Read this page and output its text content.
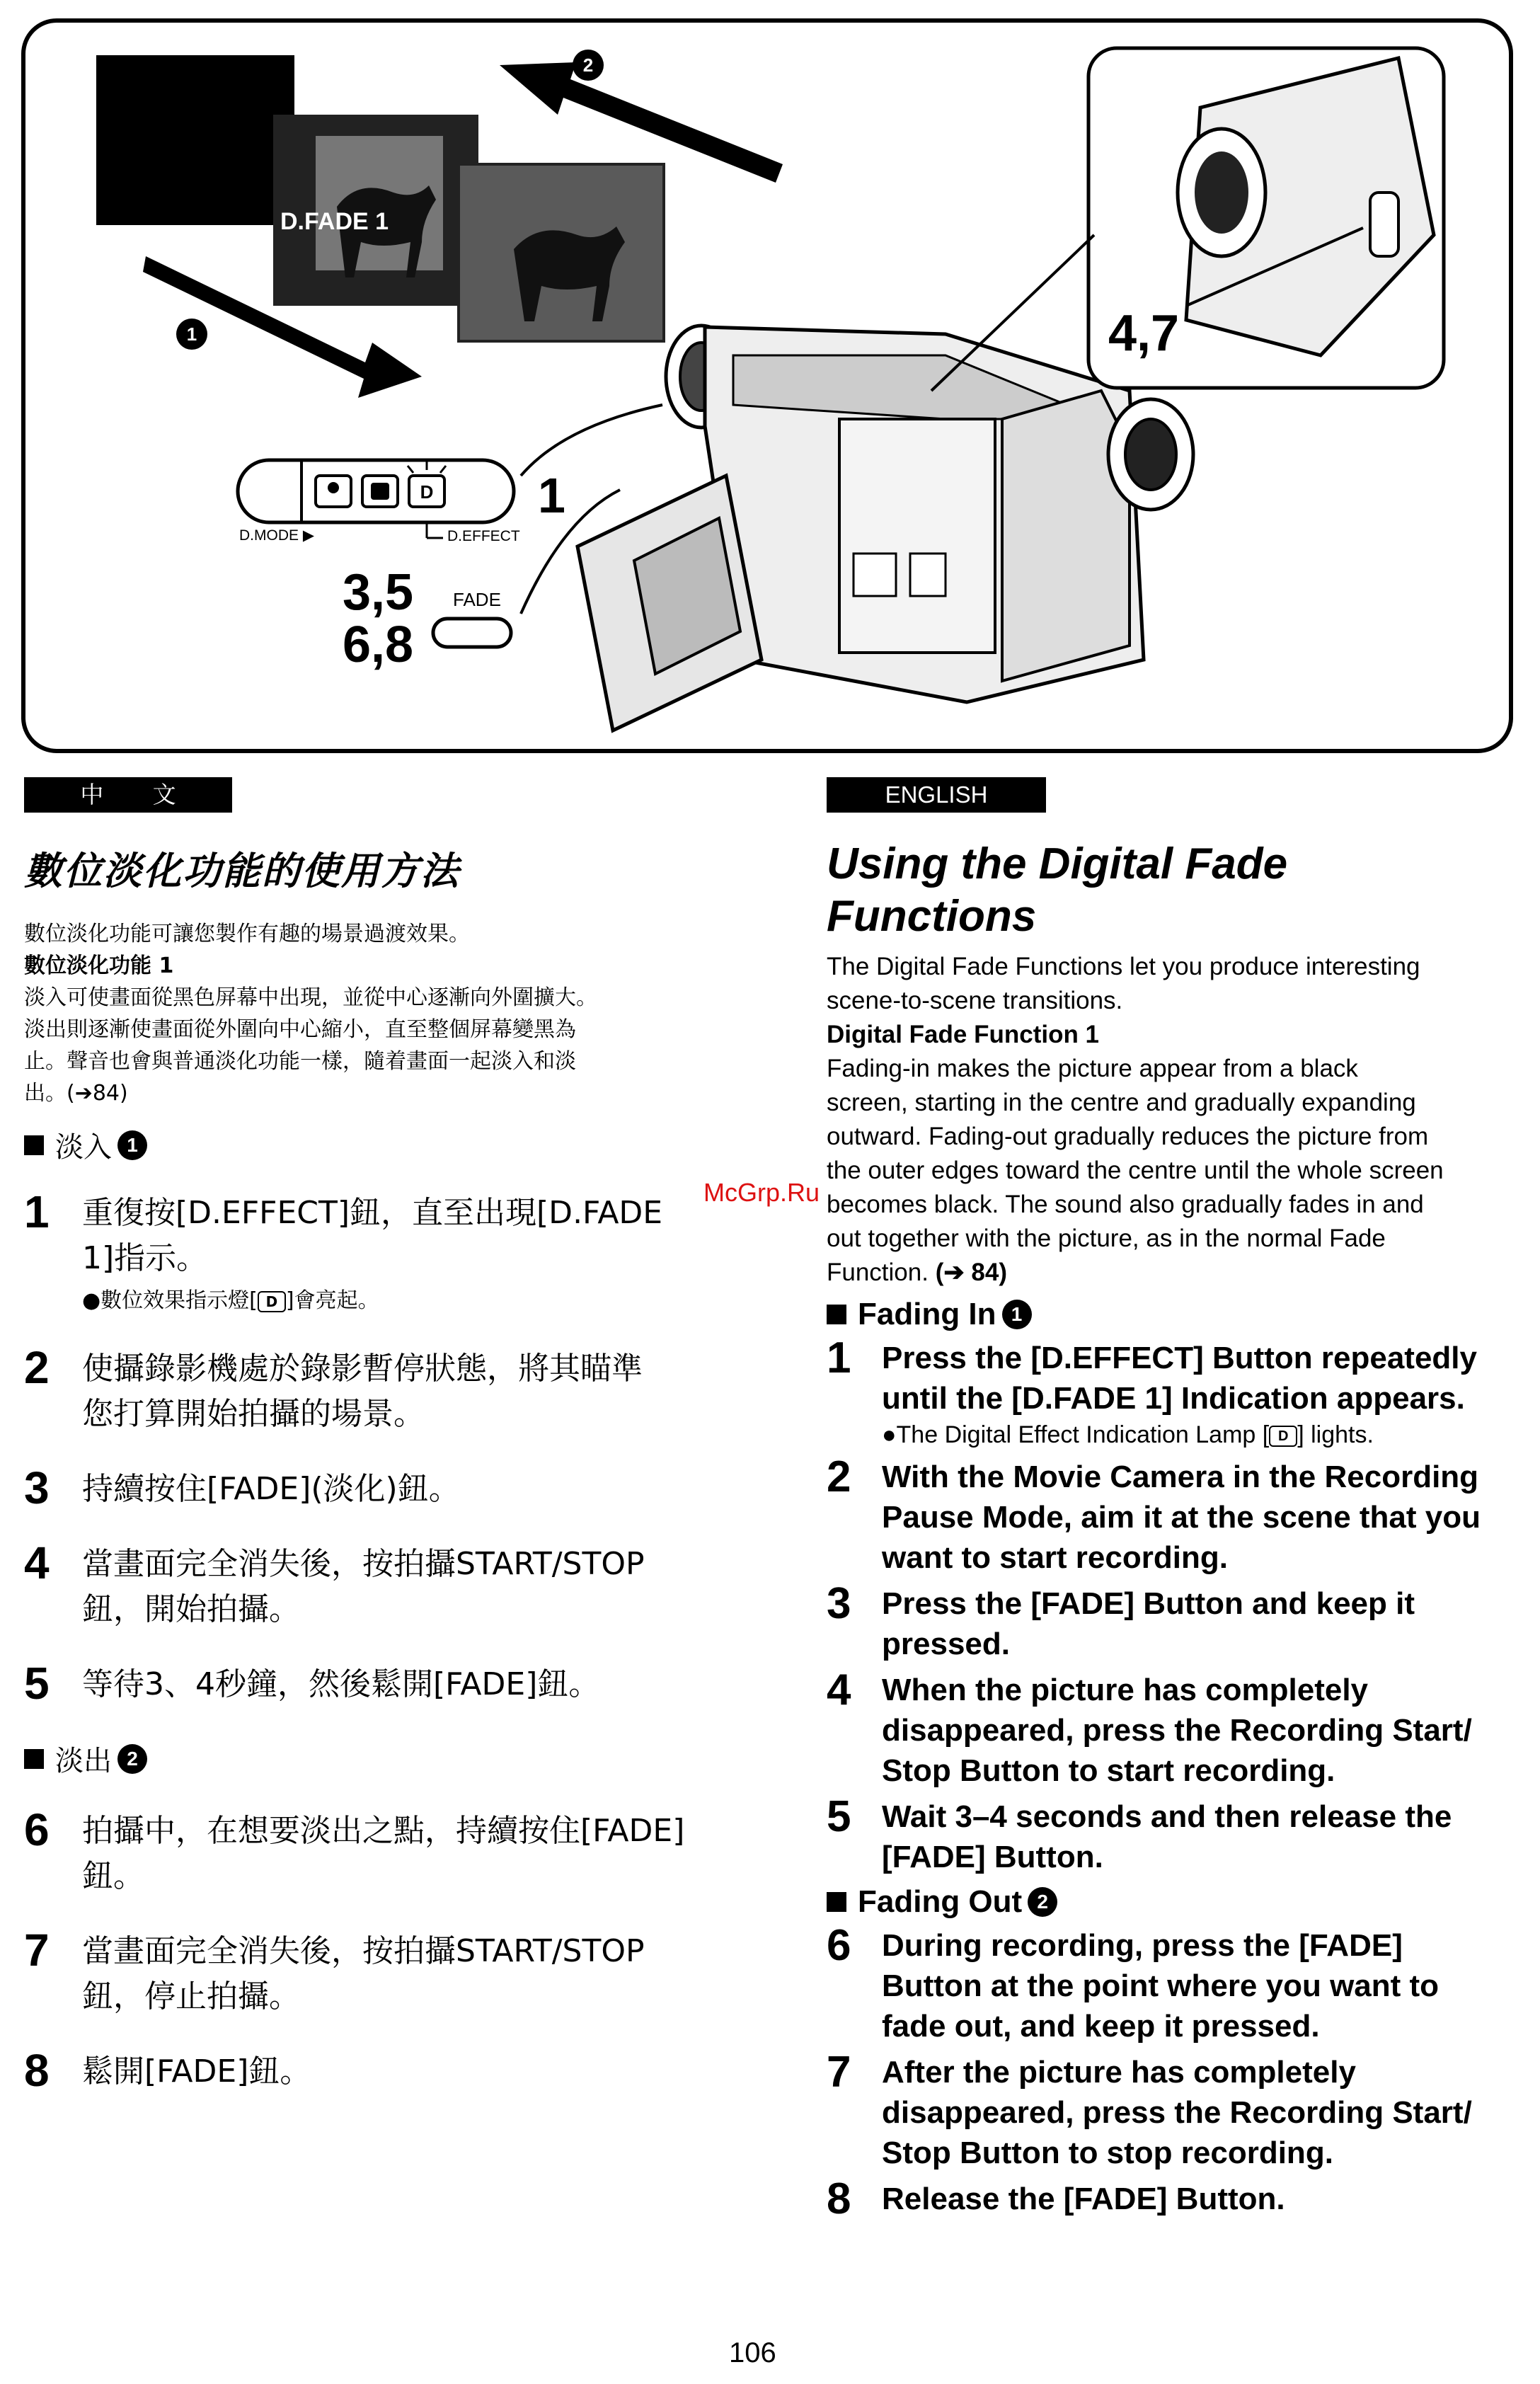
1
2
D
D.FADE 1
D.MODE ▶	D.EFFECT
FADE
1
3,5
6,8
4,7
中 文
數位淡化功能的使用方法
數位淡化功能可讓您製作有趣的場景過渡效果。
數位淡化功能 1
淡入可使畫面從黑色屏幕中出現，並從中心逐漸向外圍擴大。
淡出則逐漸使畫面從外圍向中心縮小，直至整個屏幕變黑為
止。聲音也會與普通淡化功能一樣，隨着畫面一起淡入和淡
出。(➔84)
淡入 1
1	重復按[D.EFFECT]鈕，直至出現[D.FADE
1]指示。
●數位效果指示燈[ D ]會亮起。
2	使攝錄影機處於錄影暫停狀態，將其瞄準
您打算開始拍攝的場景。
3	持續按住[FADE](淡化)鈕。
4	當畫面完全消失後，按拍攝START/STOP
鈕，開始拍攝。
5	等待3、4秒鐘，然後鬆開[FADE]鈕。
淡出 2
6	拍攝中，在想要淡出之點，持續按住[FADE]
鈕。
7	當畫面完全消失後，按拍攝START/STOP
鈕，停止拍攝。
8	鬆開[FADE]鈕。
ENGLISH
Using the Digital Fade
Functions
The Digital Fade Functions let you produce interesting
scene-to-scene transitions.
Digital Fade Function 1
Fading-in makes the picture appear from a black
screen, starting in the centre and gradually expanding
outward. Fading-out gradually reduces the picture from
the outer edges toward the centre until the whole screen
becomes black. The sound also gradually fades in and
out together with the picture, as in the normal Fade
Function. (➔ 84)
Fading In 1
1 Press the [D.EFFECT] Button repeatedly
until the [D.FADE 1] Indication appears.
●The Digital Effect Indication Lamp [ D ] lights.
2 With the Movie Camera in the Recording
Pause Mode, aim it at the scene that you
want to start recording.
3 Press the [FADE] Button and keep it
pressed.
4 When the picture has completely
disappeared, press the Recording Start/
Stop Button to start recording.
5 Wait 3–4 seconds and then release the
[FADE] Button.
Fading Out 2
6 During recording, press the [FADE]
Button at the point where you want to
fade out, and keep it pressed.
7 After the picture has completely
disappeared, press the Recording Start/
Stop Button to stop recording.
8 Release the [FADE] Button.
McGrp.Ru
106
